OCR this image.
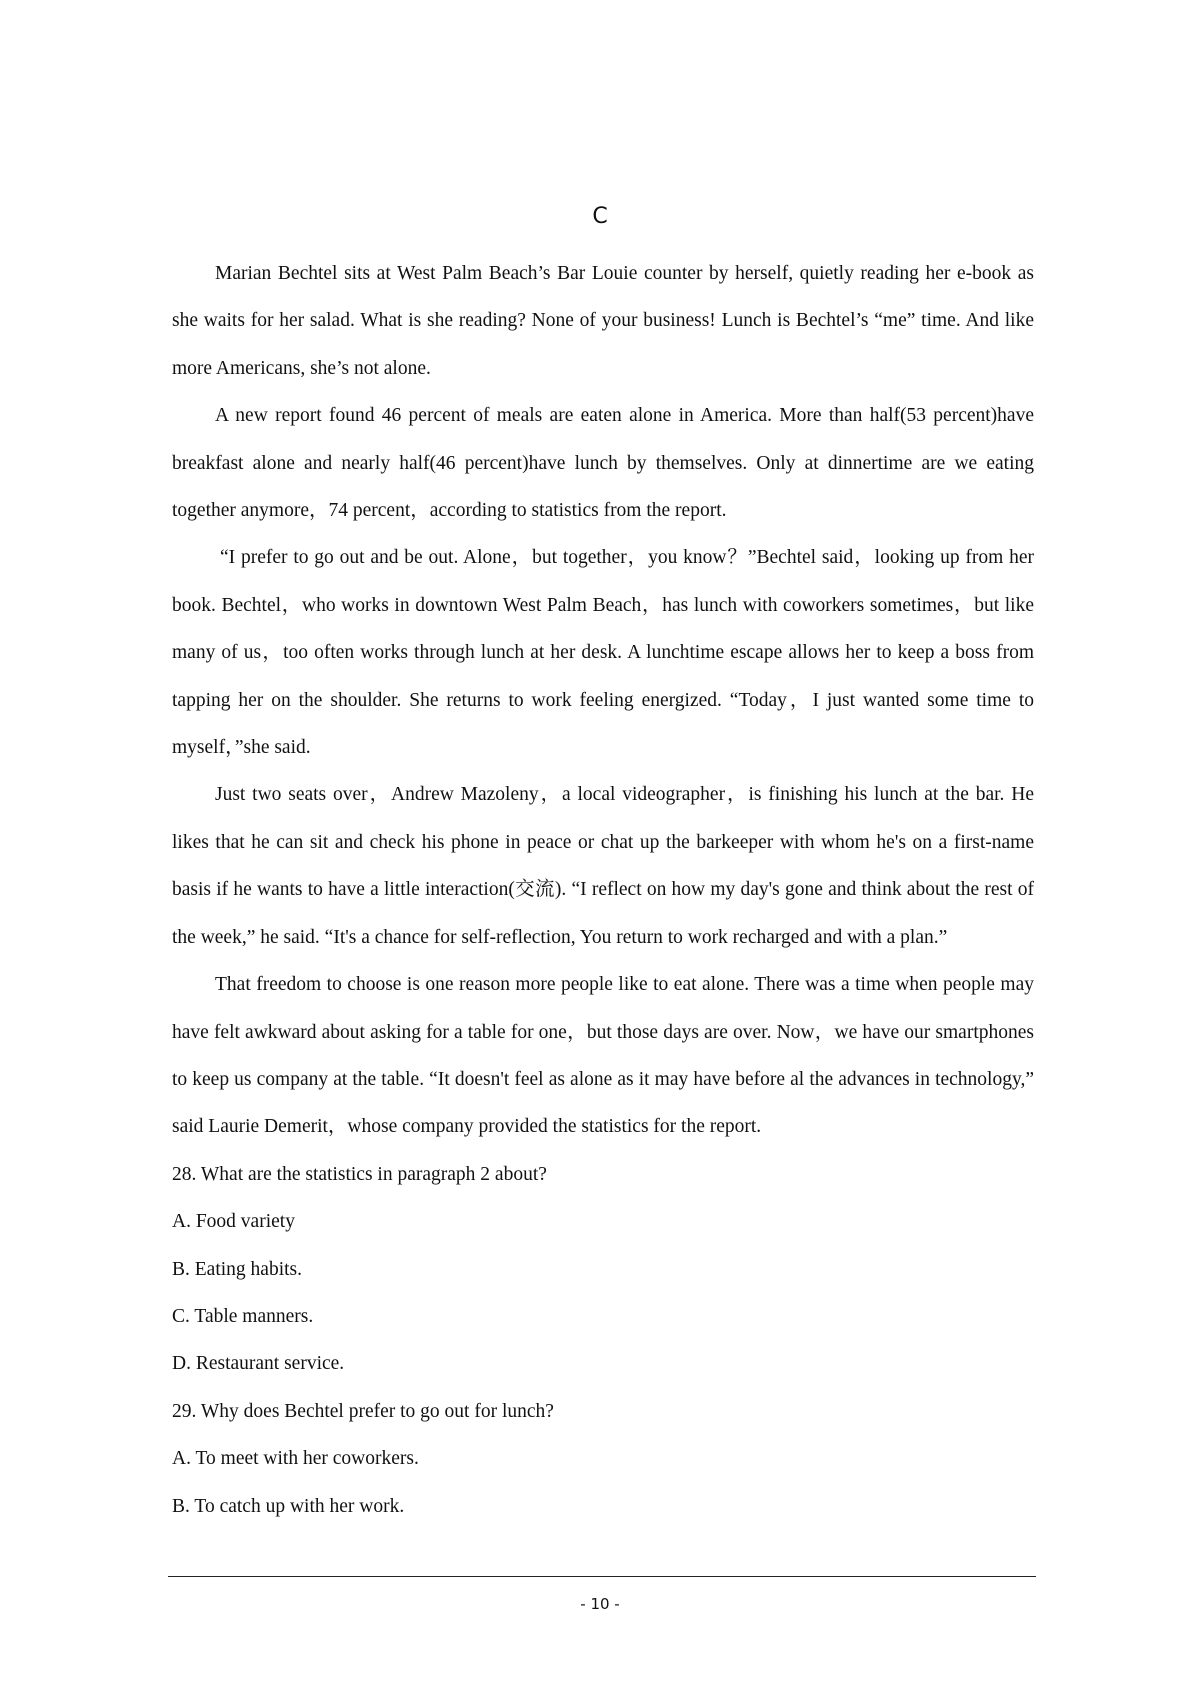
C

Marian Bechtel sits at West Palm Beach’s Bar Louie counter by herself, quietly reading her e-book as she waits for her salad. What is she reading? None of your business! Lunch is Bechtel’s “me” time. And like more Americans, she’s not alone.

A new report found 46 percent of meals are eaten alone in America. More than half(53 percent)have breakfast alone and nearly half(46 percent)have lunch by themselves. Only at dinnertime are we eating together anymore，74 percent，according to statistics from the report.

“I prefer to go out and be out. Alone，but together，you know？”Bechtel said，looking up from her book. Bechtel，who works in downtown West Palm Beach，has lunch with coworkers sometimes，but like many of us，too often works through lunch at her desk. A lunchtime escape allows her to keep a boss from tapping her on the shoulder. She returns to work feeling energized. “Today，I just wanted some time to myself，”she said.

Just two seats over，Andrew Mazoleny，a local videographer，is finishing his lunch at the bar. He likes that he can sit and check his phone in peace or chat up the barkeeper with whom he's on a first-name basis if he wants to have a little interaction(交流). “I reflect on how my day's gone and think about the rest of the week,” he said. “It's a chance for self-reflection, You return to work recharged and with a plan.”

That freedom to choose is one reason more people like to eat alone. There was a time when people may have felt awkward about asking for a table for one，but those days are over. Now，we have our smartphones to keep us company at the table. “It doesn't feel as alone as it may have before al the advances in technology,” said Laurie Demerit，whose company provided the statistics for the report.

28. What are the statistics in paragraph 2 about?

A. Food variety

B. Eating habits.

C. Table manners.

D. Restaurant service.

29. Why does Bechtel prefer to go out for lunch?

A. To meet with her coworkers.

B. To catch up with her work.

- 10 -
